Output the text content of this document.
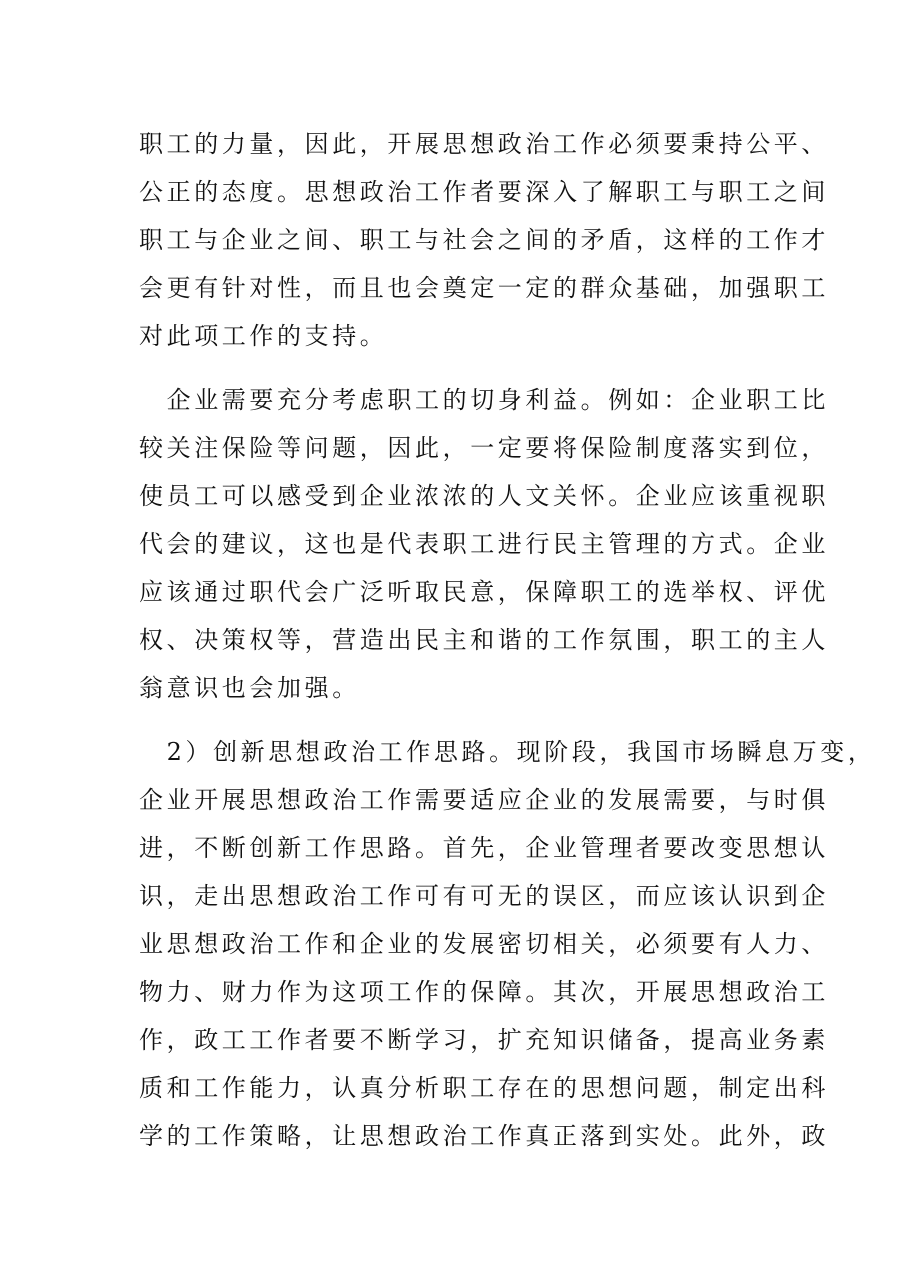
职工的力量，因此，开展思想政治工作必须要秉持公平、
公正的态度。思想政治工作者要深入了解职工与职工之间
职工与企业之间、职工与社会之间的矛盾，这样的工作才
会更有针对性，而且也会奠定一定的群众基础，加强职工
对此项工作的支持。
　企业需要充分考虑职工的切身利益。例如：企业职工比
较关注保险等问题，因此，一定要将保险制度落实到位，
使员工可以感受到企业浓浓的人文关怀。企业应该重视职
代会的建议，这也是代表职工进行民主管理的方式。企业
应该通过职代会广泛听取民意，保障职工的选举权、评优
权、决策权等，营造出民主和谐的工作氛围，职工的主人
翁意识也会加强。
　2）创新思想政治工作思路。现阶段，我国市场瞬息万变，
企业开展思想政治工作需要适应企业的发展需要，与时俱
进，不断创新工作思路。首先，企业管理者要改变思想认
识，走出思想政治工作可有可无的误区，而应该认识到企
业思想政治工作和企业的发展密切相关，必须要有人力、
物力、财力作为这项工作的保障。其次，开展思想政治工
作，政工工作者要不断学习，扩充知识储备，提高业务素
质和工作能力，认真分析职工存在的思想问题，制定出科
学的工作策略，让思想政治工作真正落到实处。此外，政
